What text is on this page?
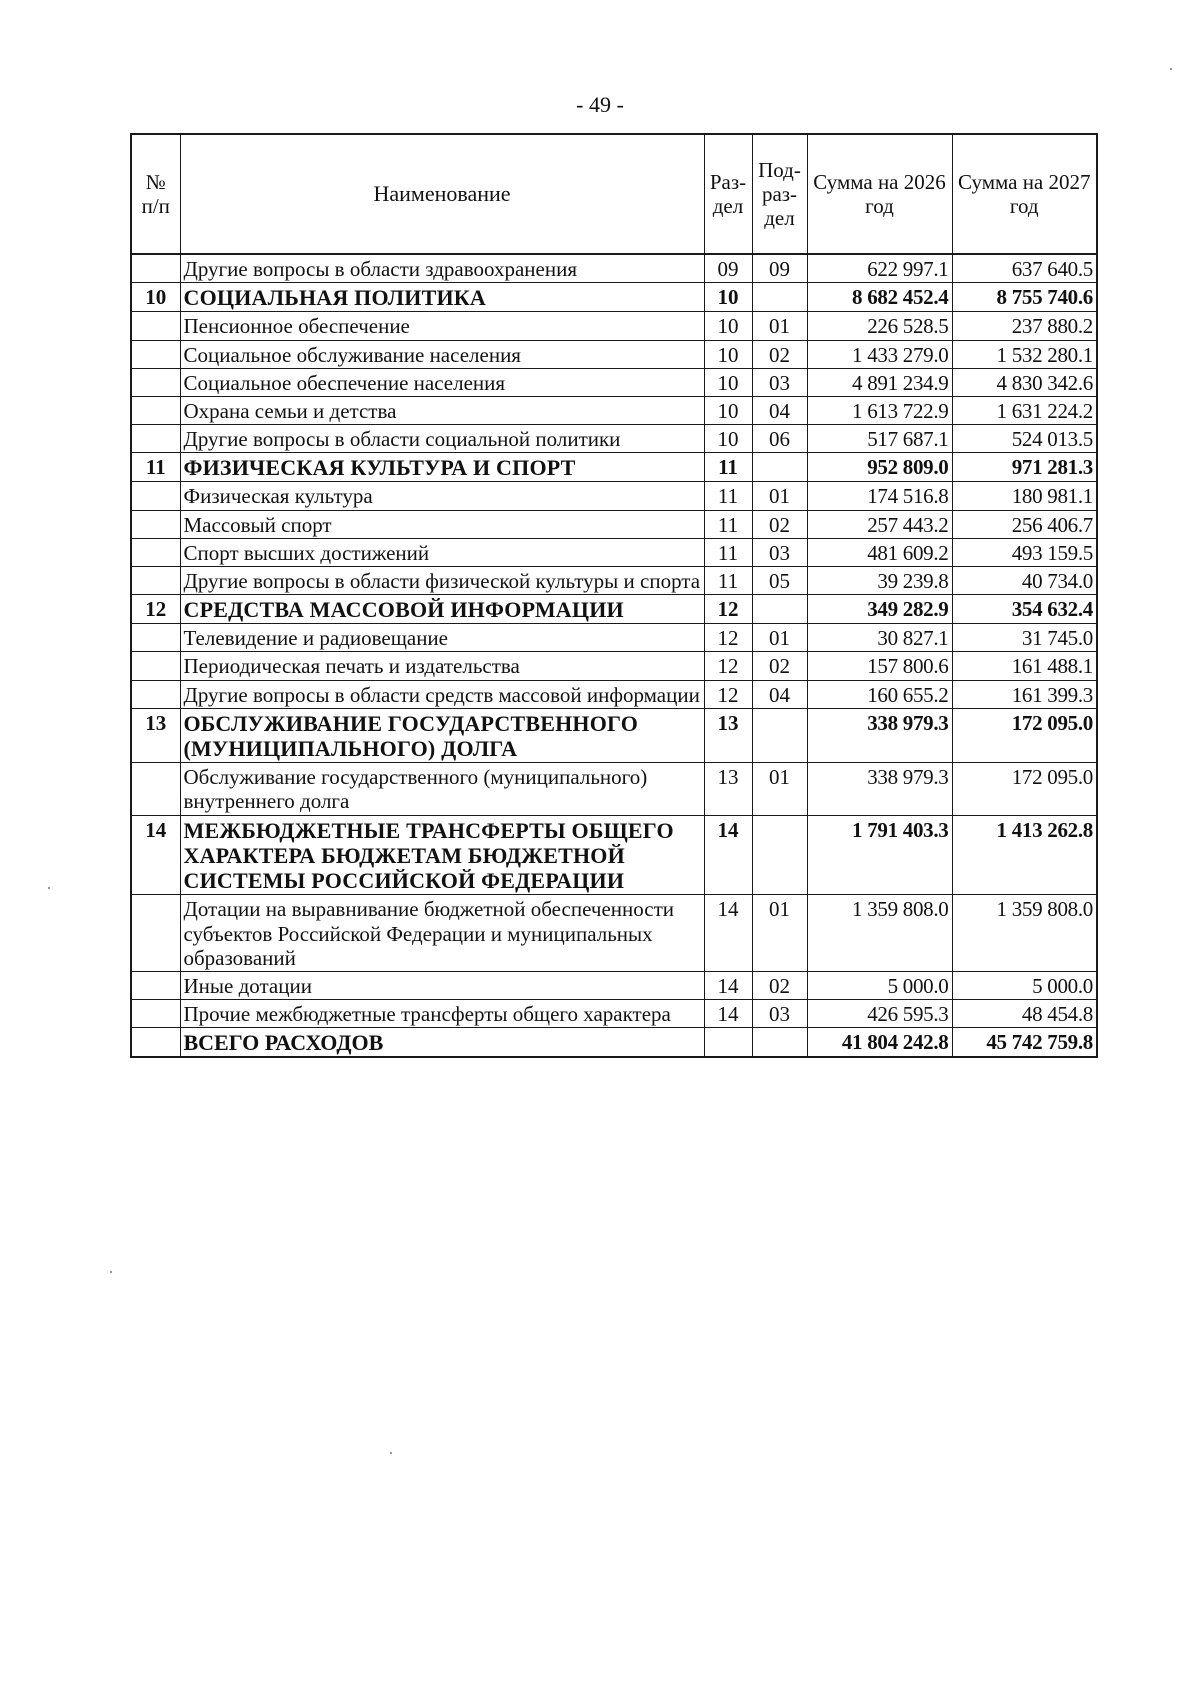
- 49 -
№ п/п	Наименование	Раз-дел	Под-раз-дел	Сумма на 2026 год	Сумма на 2027 год
	Другие вопросы в области здравоохранения	09	09	622 997.1	637 640.5
10	СОЦИАЛЬНАЯ ПОЛИТИКА	10		8 682 452.4	8 755 740.6
	Пенсионное обеспечение	10	01	226 528.5	237 880.2
	Социальное обслуживание населения	10	02	1 433 279.0	1 532 280.1
	Социальное обеспечение населения	10	03	4 891 234.9	4 830 342.6
	Охрана семьи и детства	10	04	1 613 722.9	1 631 224.2
	Другие вопросы в области социальной политики	10	06	517 687.1	524 013.5
11	ФИЗИЧЕСКАЯ КУЛЬТУРА И СПОРТ	11		952 809.0	971 281.3
	Физическая культура	11	01	174 516.8	180 981.1
	Массовый спорт	11	02	257 443.2	256 406.7
	Спорт высших достижений	11	03	481 609.2	493 159.5
	Другие вопросы в области физической культуры и спорта	11	05	39 239.8	40 734.0
12	СРЕДСТВА МАССОВОЙ ИНФОРМАЦИИ	12		349 282.9	354 632.4
	Телевидение и радиовещание	12	01	30 827.1	31 745.0
	Периодическая печать и издательства	12	02	157 800.6	161 488.1
	Другие вопросы в области средств массовой информации	12	04	160 655.2	161 399.3
13	ОБСЛУЖИВАНИЕ ГОСУДАРСТВЕННОГО (МУНИЦИПАЛЬНОГО) ДОЛГА	13		338 979.3	172 095.0
	Обслуживание государственного (муниципального) внутреннего долга	13	01	338 979.3	172 095.0
14	МЕЖБЮДЖЕТНЫЕ ТРАНСФЕРТЫ ОБЩЕГО ХАРАКТЕРА БЮДЖЕТАМ БЮДЖЕТНОЙ СИСТЕМЫ РОССИЙСКОЙ ФЕДЕРАЦИИ	14		1 791 403.3	1 413 262.8
	Дотации на выравнивание бюджетной обеспеченности субъектов Российской Федерации и муниципальных образований	14	01	1 359 808.0	1 359 808.0
	Иные дотации	14	02	5 000.0	5 000.0
	Прочие межбюджетные трансферты общего характера	14	03	426 595.3	48 454.8
	ВСЕГО РАСХОДОВ			41 804 242.8	45 742 759.8
